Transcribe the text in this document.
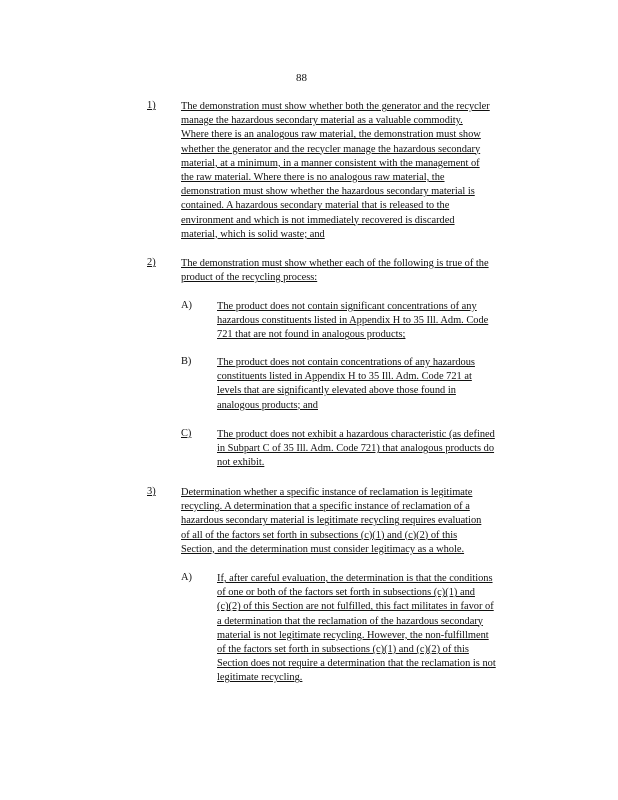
88
1) The demonstration must show whether both the generator and the recycler
manage the hazardous secondary material as a valuable commodity.
Where there is an analogous raw material, the demonstration must show
whether the generator and the recycler manage the hazardous secondary
material, at a minimum, in a manner consistent with the management of
the raw material. Where there is no analogous raw material, the
demonstration must show whether the hazardous secondary material is
contained. A hazardous secondary material that is released to the
environment and which is not immediately recovered is discarded
material, which is solid waste; and
2) The demonstration must show whether each of the following is true of the
product of the recycling process:
A) The product does not contain significant concentrations of any
hazardous constituents listed in Appendix H to 35 Ill. Adm. Code
721 that are not found in analogous products;
B) The product does not contain concentrations of any hazardous
constituents listed in Appendix H to 35 Ill. Adm. Code 721 at
levels that are significantly elevated above those found in
analogous products; and
C) The product does not exhibit a hazardous characteristic (as defined
in Subpart C of 35 Ill. Adm. Code 721) that analogous products do
not exhibit.
3) Determination whether a specific instance of reclamation is legitimate
recycling. A determination that a specific instance of reclamation of a
hazardous secondary material is legitimate recycling requires evaluation
of all of the factors set forth in subsections (c)(1) and (c)(2) of this
Section, and the determination must consider legitimacy as a whole.
A) If, after careful evaluation, the determination is that the conditions
of one or both of the factors set forth in subsections (c)(1) and
(c)(2) of this Section are not fulfilled, this fact militates in favor of
a determination that the reclamation of the hazardous secondary
material is not legitimate recycling. However, the non-fulfillment
of the factors set forth in subsections (c)(1) and (c)(2) of this
Section does not require a determination that the reclamation is not
legitimate recycling.
